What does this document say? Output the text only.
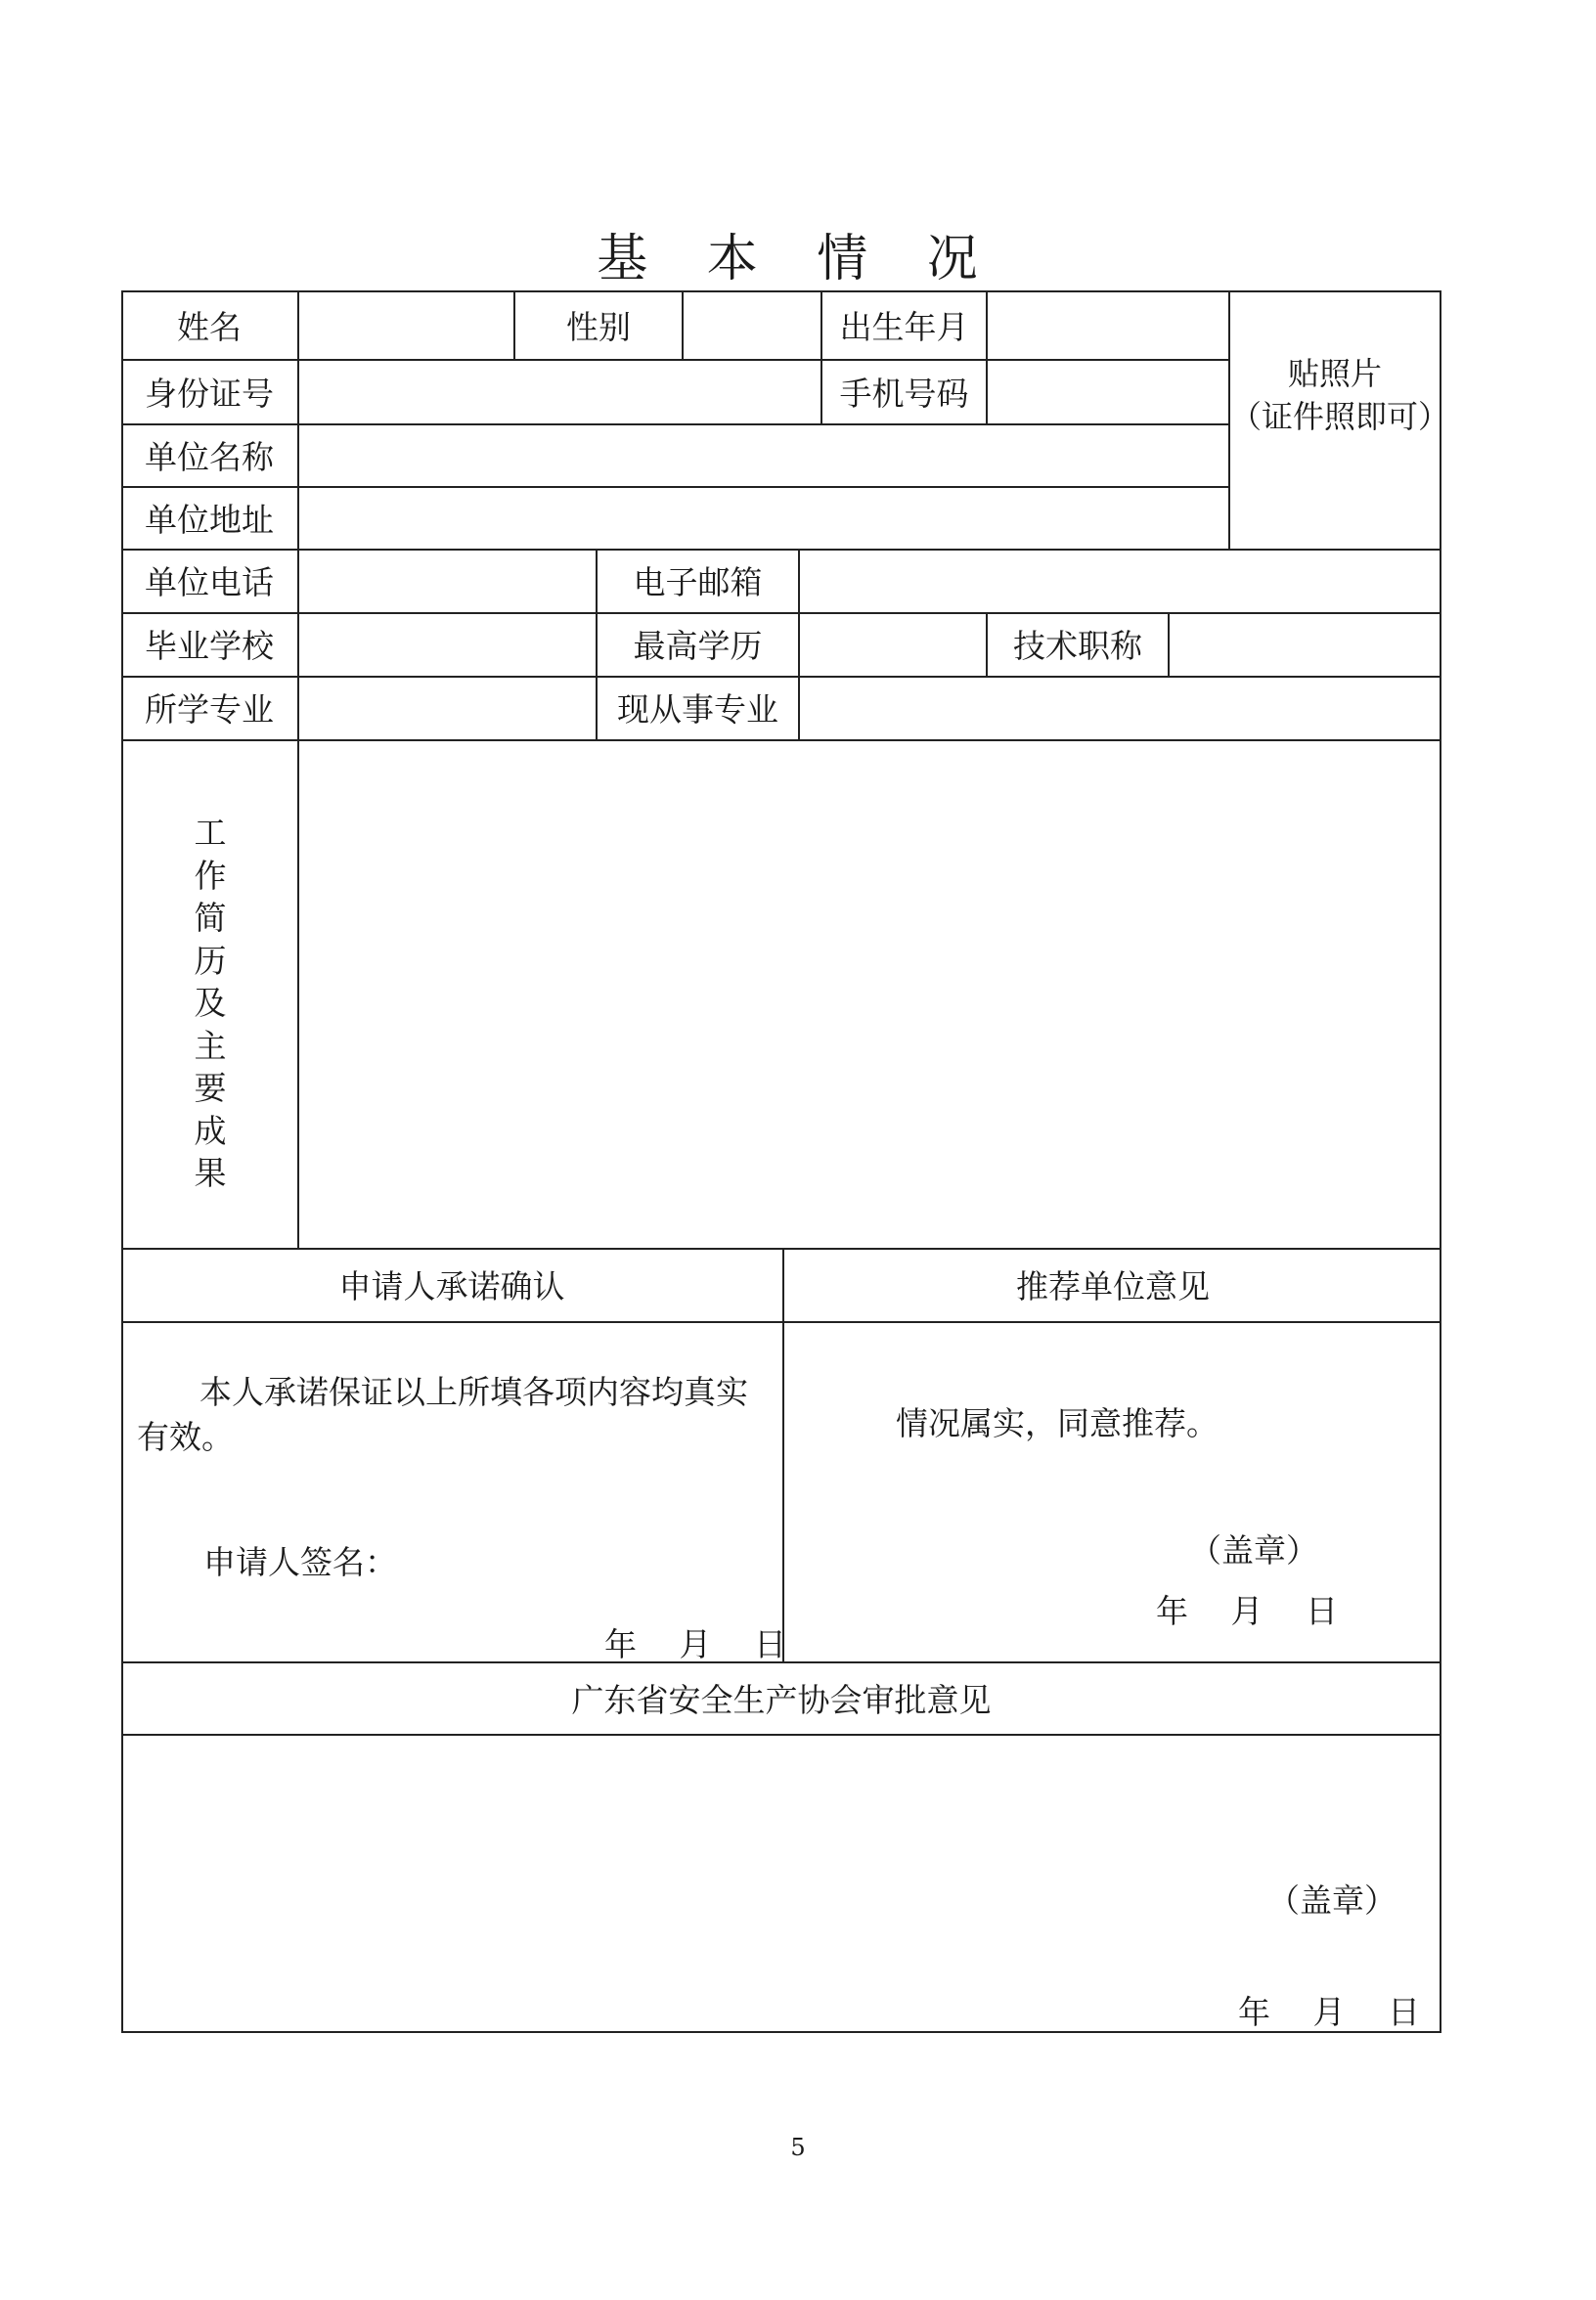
基 本 情 况
姓名	性别	出生年月
身份证号	手机号码
贴照片
（证件照即可）
单位名称
单位地址
单位电话	电子邮箱
毕业学校	最高学历	技术职称
所学专业	现从事专业
工
作
简
历
及
主
要
成
果
申请人承诺确认	推荐单位意见
本人承诺保证以上所填各项内容均真实
有效。
申请人签名：
年　 月　 日
情况属实，同意推荐。
（盖章）
年　 月　 日
广东省安全生产协会审批意见
（盖章）
年　 月　 日
5
